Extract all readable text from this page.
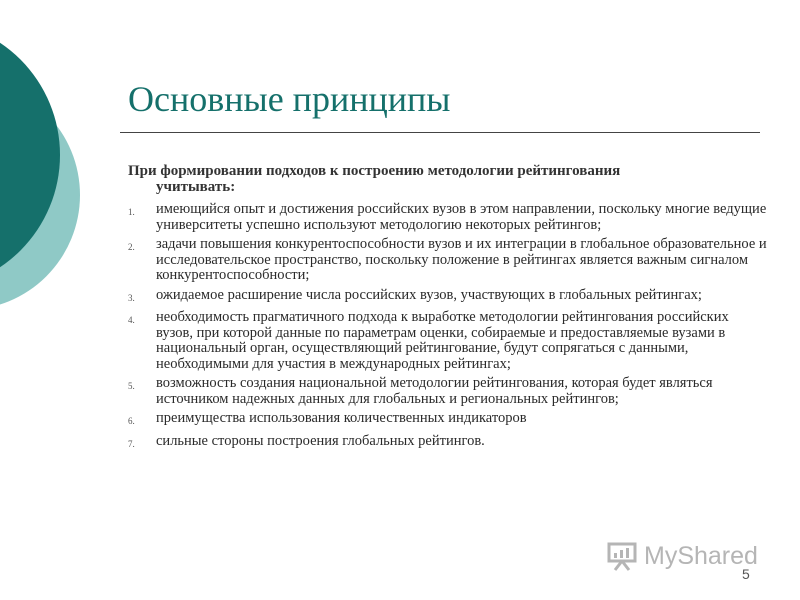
Основные принципы
При формировании подходов к построению методологии рейтингования
учитывать:
1.	имеющийся опыт и достижения российских вузов в этом направлении, поскольку многие ведущие университеты успешно используют методологию некоторых рейтингов;
2.	задачи повышения конкурентоспособности вузов и их интеграции в глобальное образовательное и исследовательское пространство, поскольку положение в рейтингах является важным сигналом конкурентоспособности;
3.	ожидаемое расширение числа российских вузов, участвующих в глобальных рейтингах;
4.	необходимость прагматичного подхода к выработке методологии рейтингования российских вузов, при которой данные по параметрам оценки, собираемые и предоставляемые вузами в национальный орган, осуществляющий рейтингование, будут сопрягаться с данными, необходимыми для участия в международных рейтингах;
5.	возможность создания национальной методологии рейтингования, которая будет являться источником надежных данных для глобальных и региональных рейтингов;
6.	преимущества использования количественных индикаторов
7.	сильные стороны построения глобальных рейтингов.
MyShared
5
